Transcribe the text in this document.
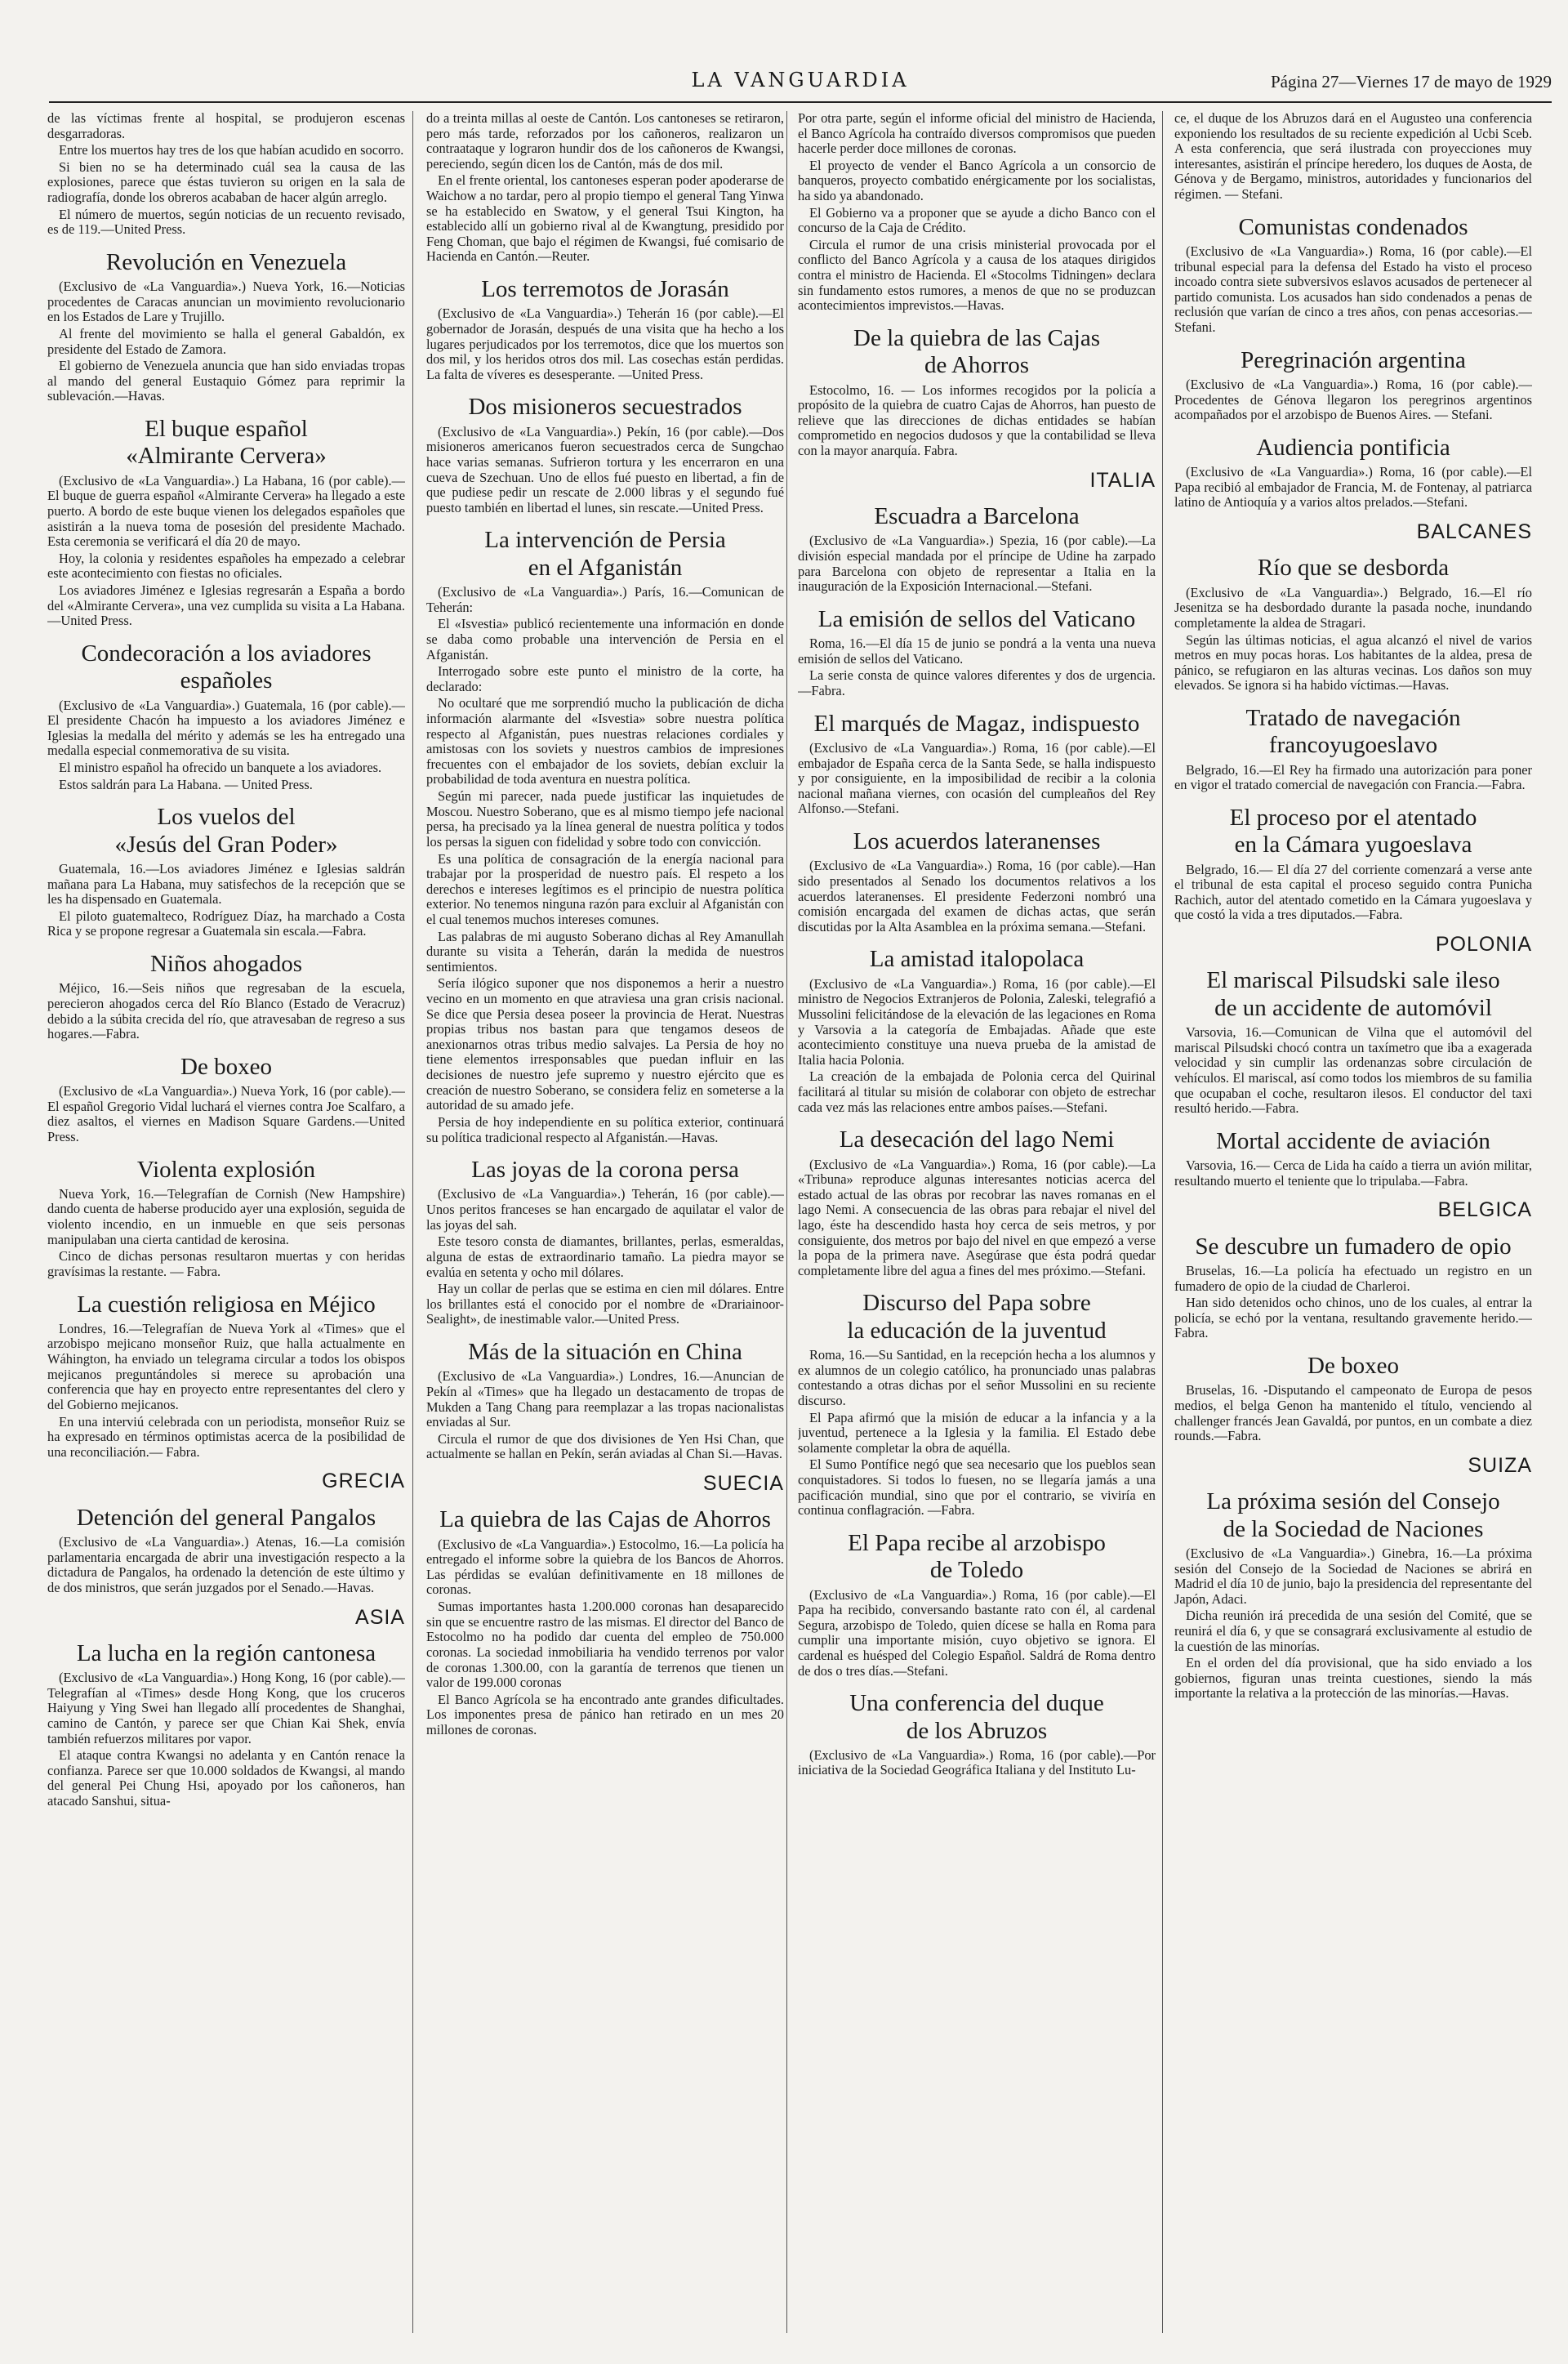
LA VANGUARDIA	Página 27—Viernes 17 de mayo de 1929

de las víctimas frente al hospital, se produjeron escenas desgarradoras.

Entre los muertos hay tres de los que habían acudido en socorro.

Si bien no se ha determinado cuál sea la causa de las explosiones, parece que éstas tuvieron su origen en la sala de radiografía, donde los obreros acababan de hacer algún arreglo.

El número de muertos, según noticias de un recuento revisado, es de 119.—United Press.

Revolución en Venezuela

(Exclusivo de «La Vanguardia».) Nueva York, 16.—Noticias procedentes de Caracas anuncian un movimiento revolucionario en los Estados de Lare y Trujillo.

Al frente del movimiento se halla el general Gabaldón, ex presidente del Estado de Zamora.

El gobierno de Venezuela anuncia que han sido enviadas tropas al mando del general Eustaquio Gómez para reprimir la sublevación.—Havas.

El buque español
«Almirante Cervera»

(Exclusivo de «La Vanguardia».) La Habana, 16 (por cable).— El buque de guerra español «Almirante Cervera» ha llegado a este puerto. A bordo de este buque vienen los delegados españoles que asistirán a la nueva toma de posesión del presidente Machado. Esta ceremonia se verificará el día 20 de mayo.

Hoy, la colonia y residentes españoles ha empezado a celebrar este acontecimiento con fiestas no oficiales.

Los aviadores Jiménez e Iglesias regresarán a España a bordo del «Almirante Cervera», una vez cumplida su visita a La Habana.—United Press.

Condecoración a los aviadores
españoles

(Exclusivo de «La Vanguardia».) Guatemala, 16 (por cable).—El presidente Chacón ha impuesto a los aviadores Jiménez e Iglesias la medalla del mérito y además se les ha entregado una medalla especial conmemorativa de su visita.

El ministro español ha ofrecido un banquete a los aviadores.

Estos saldrán para La Habana. — United Press.

Los vuelos del
«Jesús del Gran Poder»

Guatemala, 16.—Los aviadores Jiménez e Iglesias saldrán mañana para La Habana, muy satisfechos de la recepción que se les ha dispensado en Guatemala.

El piloto guatemalteco, Rodríguez Díaz, ha marchado a Costa Rica y se propone regresar a Guatemala sin escala.—Fabra.

Niños ahogados

Méjico, 16.—Seis niños que regresaban de la escuela, perecieron ahogados cerca del Río Blanco (Estado de Veracruz) debido a la súbita crecida del río, que atravesaban de regreso a sus hogares.—Fabra.

De boxeo

(Exclusivo de «La Vanguardia».) Nueva York, 16 (por cable).—El español Gregorio Vidal luchará el viernes contra Joe Scalfaro, a diez asaltos, el viernes en Madison Square Gardens.—United Press.

Violenta explosión

Nueva York, 16.—Telegrafían de Cornish (New Hampshire) dando cuenta de haberse producido ayer una explosión, seguida de violento incendio, en un inmueble en que seis personas manipulaban una cierta cantidad de kerosina.

Cinco de dichas personas resultaron muertas y con heridas gravísimas la restante. — Fabra.

La cuestión religiosa en Méjico

Londres, 16.—Telegrafían de Nueva York al «Times» que el arzobispo mejicano monseñor Ruiz, que halla actualmente en Wáhington, ha enviado un telegrama circular a todos los obispos mejicanos preguntándoles si merece su aprobación una conferencia que hay en proyecto entre representantes del clero y del Gobierno mejicanos.

En una interviú celebrada con un periodista, monseñor Ruiz se ha expresado en términos optimistas acerca de la posibilidad de una reconciliación.— Fabra.

GRECIA
Detención del general Pangalos

(Exclusivo de «La Vanguardia».) Atenas, 16.—La comisión parlamentaria encargada de abrir una investigación respecto a la dictadura de Pangalos, ha ordenado la detención de este último y de dos ministros, que serán juzgados por el Senado.—Havas.

ASIA
La lucha en la región cantonesa

(Exclusivo de «La Vanguardia».) Hong Kong, 16 (por cable).—Telegrafían al «Times» desde Hong Kong, que los cruceros Haiyung y Ying Swei han llegado allí procedentes de Shanghai, camino de Cantón, y parece ser que Chian Kai Shek, envía también refuerzos militares por vapor.

El ataque contra Kwangsi no adelanta y en Cantón renace la confianza. Parece ser que 10.000 soldados de Kwangsi, al mando del general Pei Chung Hsi, apoyado por los cañoneros, han atacado Sanshui, situa-

do a treinta millas al oeste de Cantón. Los cantoneses se retiraron, pero más tarde, reforzados por los cañoneros, realizaron un contraataque y lograron hundir dos de los cañoneros de Kwangsi, pereciendo, según dicen los de Cantón, más de dos mil.

En el frente oriental, los cantoneses esperan poder apoderarse de Waichow a no tardar, pero al propio tiempo el general Tang Yinwa se ha establecido en Swatow, y el general Tsui Kington, ha establecido allí un gobierno rival al de Kwangtung, presidido por Feng Choman, que bajo el régimen de Kwangsi, fué comisario de Hacienda en Cantón.—Reuter.

Los terremotos de Jorasán

(Exclusivo de «La Vanguardia».) Teherán 16 (por cable).—El gobernador de Jorasán, después de una visita que ha hecho a los lugares perjudicados por los terremotos, dice que los muertos son dos mil, y los heridos otros dos mil. Las cosechas están perdidas. La falta de víveres es desesperante. —United Press.

Dos misioneros secuestrados

(Exclusivo de «La Vanguardia».) Pekín, 16 (por cable).—Dos misioneros americanos fueron secuestrados cerca de Sungchao hace varias semanas. Sufrieron tortura y les encerraron en una cueva de Szechuan. Uno de ellos fué puesto en libertad, a fin de que pudiese pedir un rescate de 2.000 libras y el segundo fué puesto también en libertad el lunes, sin rescate.—United Press.

La intervención de Persia
en el Afganistán

(Exclusivo de «La Vanguardia».) París, 16.—Comunican de Teherán:

El «Isvestia» publicó recientemente una información en donde se daba como probable una intervención de Persia en el Afganistán.

Interrogado sobre este punto el ministro de la corte, ha declarado:

No ocultaré que me sorprendió mucho la publicación de dicha información alarmante del «Isvestia» sobre nuestra política respecto al Afganistán, pues nuestras relaciones cordiales y amistosas con los soviets y nuestros cambios de impresiones frecuentes con el embajador de los soviets, debían excluir la probabilidad de toda aventura en nuestra política.

Según mi parecer, nada puede justificar las inquietudes de Moscou. Nuestro Soberano, que es al mismo tiempo jefe nacional persa, ha precisado ya la línea general de nuestra política y todos los persas la siguen con fidelidad y sobre todo con convicción.

Es una política de consagración de la energía nacional para trabajar por la prosperidad de nuestro país. El respeto a los derechos e intereses legítimos es el principio de nuestra política exterior. No tenemos ninguna razón para excluir al Afganistán con el cual tenemos muchos intereses comunes.

Las palabras de mi augusto Soberano dichas al Rey Amanullah durante su visita a Teherán, darán la medida de nuestros sentimientos.

Sería ilógico suponer que nos disponemos a herir a nuestro vecino en un momento en que atraviesa una gran crisis nacional. Se dice que Persia desea poseer la provincia de Herat. Nuestras propias tribus nos bastan para que tengamos deseos de anexionarnos otras tribus medio salvajes. La Persia de hoy no tiene elementos irresponsables que puedan influir en las decisiones de nuestro jefe supremo y nuestro ejército que es creación de nuestro Soberano, se considera feliz en someterse a la autoridad de su amado jefe.

Persia de hoy independiente en su política exterior, continuará su política tradicional respecto al Afganistán.—Havas.

Las joyas de la corona persa

(Exclusivo de «La Vanguardia».) Teherán, 16 (por cable).—Unos peritos franceses se han encargado de aquilatar el valor de las joyas del sah.

Este tesoro consta de diamantes, brillantes, perlas, esmeraldas, alguna de estas de extraordinario tamaño. La piedra mayor se evalúa en setenta y ocho mil dólares.

Hay un collar de perlas que se estima en cien mil dólares. Entre los brillantes está el conocido por el nombre de «Drariainoor-Sealight», de inestimable valor.—United Press.

Más de la situación en China

(Exclusivo de «La Vanguardia».) Londres, 16.—Anuncian de Pekín al «Times» que ha llegado un destacamento de tropas de Mukden a Tang Chang para reemplazar a las tropas nacionalistas enviadas al Sur.

Circula el rumor de que dos divisiones de Yen Hsi Chan, que actualmente se hallan en Pekín, serán aviadas al Chan Si.—Havas.

SUECIA
La quiebra de las Cajas de Ahorros

(Exclusivo de «La Vanguardia».) Estocolmo, 16.—La policía ha entregado el informe sobre la quiebra de los Bancos de Ahorros. Las pérdidas se evalúan definitivamente en 18 millones de coronas.

Sumas importantes hasta 1.200.000 coronas han desaparecido sin que se encuentre rastro de las mismas. El director del Banco de Estocolmo no ha podido dar cuenta del empleo de 750.000 coronas. La sociedad inmobiliaria ha vendido terrenos por valor de coronas 1.300.00, con la garantía de terrenos que tienen un valor de 199.000 coronas

El Banco Agrícola se ha encontrado ante grandes dificultades. Los imponentes presa de pánico han retirado en un mes 20 millones de coronas.

Por otra parte, según el informe oficial del ministro de Hacienda, el Banco Agrícola ha contraído diversos compromisos que pueden hacerle perder doce millones de coronas.

El proyecto de vender el Banco Agrícola a un consorcio de banqueros, proyecto combatido enérgicamente por los socialistas, ha sido ya abandonado.

El Gobierno va a proponer que se ayude a dicho Banco con el concurso de la Caja de Crédito.

Circula el rumor de una crisis ministerial provocada por el conflicto del Banco Agrícola y a causa de los ataques dirigidos contra el ministro de Hacienda. El «Stocolms Tidningen» declara sin fundamento estos rumores, a menos de que no se produzcan acontecimientos imprevistos.—Havas.

De la quiebra de las Cajas
de Ahorros

Estocolmo, 16. — Los informes recogidos por la policía a propósito de la quiebra de cuatro Cajas de Ahorros, han puesto de relieve que las direcciones de dichas entidades se habían comprometido en negocios dudosos y que la contabilidad se lleva con la mayor anarquía. Fabra.

ITALIA
Escuadra a Barcelona

(Exclusivo de «La Vanguardia».) Spezia, 16 (por cable).—La división especial mandada por el príncipe de Udine ha zarpado para Barcelona con objeto de representar a Italia en la inauguración de la Exposición Internacional.—Stefani.

La emisión de sellos del Vaticano

Roma, 16.—El día 15 de junio se pondrá a la venta una nueva emisión de sellos del Vaticano.

La serie consta de quince valores diferentes y dos de urgencia.—Fabra.

El marqués de Magaz, indispuesto

(Exclusivo de «La Vanguardia».) Roma, 16 (por cable).—El embajador de España cerca de la Santa Sede, se halla indispuesto y por consiguiente, en la imposibilidad de recibir a la colonia nacional mañana viernes, con ocasión del cumpleaños del Rey Alfonso.—Stefani.

Los acuerdos lateranenses

(Exclusivo de «La Vanguardia».) Roma, 16 (por cable).—Han sido presentados al Senado los documentos relativos a los acuerdos lateranenses. El presidente Federzoni nombró una comisión encargada del examen de dichas actas, que serán discutidas por la Alta Asamblea en la próxima semana.—Stefani.

La amistad italopolaca

(Exclusivo de «La Vanguardia».) Roma, 16 (por cable).—El ministro de Negocios Extranjeros de Polonia, Zaleski, telegrafió a Mussolini felicitándose de la elevación de las legaciones en Roma y Varsovia a la categoría de Embajadas. Añade que este acontecimiento constituye una nueva prueba de la amistad de Italia hacia Polonia.

La creación de la embajada de Polonia cerca del Quirinal facilitará al titular su misión de colaborar con objeto de estrechar cada vez más las relaciones entre ambos países.—Stefani.

La desecación del lago Nemi

(Exclusivo de «La Vanguardia».) Roma, 16 (por cable).—La «Tribuna» reproduce algunas interesantes noticias acerca del estado actual de las obras por recobrar las naves romanas en el lago Nemi. A consecuencia de las obras para rebajar el nivel del lago, éste ha descendido hasta hoy cerca de seis metros, y por consiguiente, dos metros por bajo del nivel en que empezó a verse la popa de la primera nave. Asegúrase que ésta podrá quedar completamente libre del agua a fines del mes próximo.—Stefani.

Discurso del Papa sobre
la educación de la juventud

Roma, 16.—Su Santidad, en la recepción hecha a los alumnos y ex alumnos de un colegio católico, ha pronunciado unas palabras contestando a otras dichas por el señor Mussolini en su reciente discurso.

El Papa afirmó que la misión de educar a la infancia y a la juventud, pertenece a la Iglesia y la familia. El Estado debe solamente completar la obra de aquélla.

El Sumo Pontífice negó que sea necesario que los pueblos sean conquistadores. Si todos lo fuesen, no se llegaría jamás a una pacificación mundial, sino que por el contrario, se viviría en continua conflagración. —Fabra.

El Papa recibe al arzobispo
de Toledo

(Exclusivo de «La Vanguardia».) Roma, 16 (por cable).—El Papa ha recibido, conversando bastante rato con él, al cardenal Segura, arzobispo de Toledo, quien dícese se halla en Roma para cumplir una importante misión, cuyo objetivo se ignora. El cardenal es huésped del Colegio Español. Saldrá de Roma dentro de dos o tres días.—Stefani.

Una conferencia del duque
de los Abruzos

(Exclusivo de «La Vanguardia».) Roma, 16 (por cable).—Por iniciativa de la Sociedad Geográfica Italiana y del Instituto Lu-

ce, el duque de los Abruzos dará en el Augusteo una conferencia exponiendo los resultados de su reciente expedición al Ucbi Sceb. A esta conferencia, que será ilustrada con proyecciones muy interesantes, asistirán el príncipe heredero, los duques de Aosta, de Génova y de Bergamo, ministros, autoridades y funcionarios del régimen. — Stefani.

Comunistas condenados

(Exclusivo de «La Vanguardia».) Roma, 16 (por cable).—El tribunal especial para la defensa del Estado ha visto el proceso incoado contra siete subversivos eslavos acusados de pertenecer al partido comunista. Los acusados han sido condenados a penas de reclusión que varían de cinco a tres años, con penas accesorias.—Stefani.

Peregrinación argentina

(Exclusivo de «La Vanguardia».) Roma, 16 (por cable).—Procedentes de Génova llegaron los peregrinos argentinos acompañados por el arzobispo de Buenos Aires. — Stefani.

Audiencia pontificia

(Exclusivo de «La Vanguardia».) Roma, 16 (por cable).—El Papa recibió al embajador de Francia, M. de Fontenay, al patriarca latino de Antioquía y a varios altos prelados.—Stefani.

BALCANES
Río que se desborda

(Exclusivo de «La Vanguardia».) Belgrado, 16.—El río Jesenitza se ha desbordado durante la pasada noche, inundando completamente la aldea de Stragari.

Según las últimas noticias, el agua alcanzó el nivel de varios metros en muy pocas horas. Los habitantes de la aldea, presa de pánico, se refugiaron en las alturas vecinas. Los daños son muy elevados. Se ignora si ha habido víctimas.—Havas.

Tratado de navegación
francoyugoeslavo

Belgrado, 16.—El Rey ha firmado una autorización para poner en vigor el tratado comercial de navegación con Francia.—Fabra.

El proceso por el atentado
en la Cámara yugoeslava

Belgrado, 16.— El día 27 del corriente comenzará a verse ante el tribunal de esta capital el proceso seguido contra Punicha Rachich, autor del atentado cometido en la Cámara yugoeslava y que costó la vida a tres diputados.—Fabra.

POLONIA
El mariscal Pilsudski sale ileso
de un accidente de automóvil

Varsovia, 16.—Comunican de Vilna que el automóvil del mariscal Pilsudski chocó contra un taxímetro que iba a exagerada velocidad y sin cumplir las ordenanzas sobre circulación de vehículos. El mariscal, así como todos los miembros de su familia que ocupaban el coche, resultaron ilesos. El conductor del taxi resultó herido.—Fabra.

Mortal accidente de aviación

Varsovia, 16.— Cerca de Lida ha caído a tierra un avión militar, resultando muerto el teniente que lo tripulaba.—Fabra.

BELGICA
Se descubre un fumadero de opio

Bruselas, 16.—La policía ha efectuado un registro en un fumadero de opio de la ciudad de Charleroi.

Han sido detenidos ocho chinos, uno de los cuales, al entrar la policía, se echó por la ventana, resultando gravemente herido.—Fabra.

De boxeo

Bruselas, 16. -Disputando el campeonato de Europa de pesos medios, el belga Genon ha mantenido el título, venciendo al challenger francés Jean Gavaldá, por puntos, en un combate a diez rounds.—Fabra.

SUIZA
La próxima sesión del Consejo
de la Sociedad de Naciones

(Exclusivo de «La Vanguardia».) Ginebra, 16.—La próxima sesión del Consejo de la Sociedad de Naciones se abrirá en Madrid el día 10 de junio, bajo la presidencia del representante del Japón, Adaci.

Dicha reunión irá precedida de una sesión del Comité, que se reunirá el día 6, y que se consagrará exclusivamente al estudio de la cuestión de las minorías.

En el orden del día provisional, que ha sido enviado a los gobiernos, figuran unas treinta cuestiones, siendo la más importante la relativa a la protección de las minorías.—Havas.
